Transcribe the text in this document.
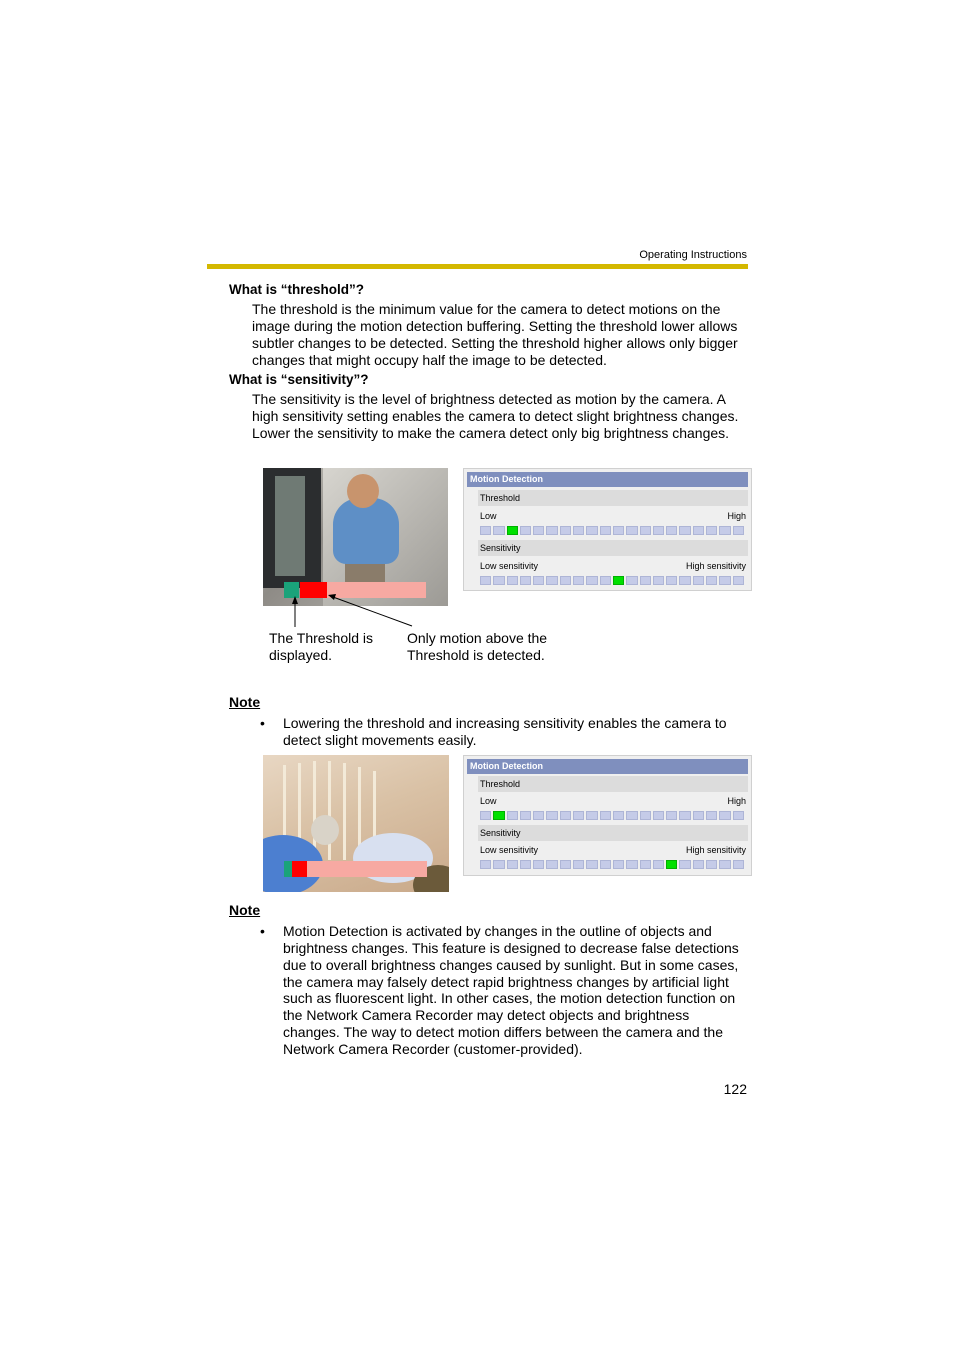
Operating Instructions
What is “threshold”?

The threshold is the minimum value for the camera to detect motions on the

image during the motion detection buffering. Setting the threshold lower allows

subtler changes to be detected. Setting the threshold higher allows only bigger

changes that might occupy half the image to be detected.

What is “sensitivity”?

The sensitivity is the level of brightness detected as motion by the camera. A

high sensitivity setting enables the camera to detect slight brightness changes.

Lower the sensitivity to make the camera detect only big brightness changes.

Motion Detection
Threshold
Low	High
Sensitivity
Low sensitivity	High sensitivity

The Threshold is

displayed.

Only motion above the

Threshold is detected.

Note
• Lowering the threshold and increasing sensitivity enables the camera to

detect slight movements easily.

Motion Detection
Threshold
Low	High
Sensitivity
Low sensitivity	High sensitivity
Note
• Motion Detection is activated by changes in the outline of objects and

brightness changes. This feature is designed to decrease false detections

due to overall brightness changes caused by sunlight. But in some cases,

the camera may falsely detect rapid brightness changes by artificial light

such as fluorescent light. In other cases, the motion detection function on

the Network Camera Recorder may detect objects and brightness

changes. The way to detect motion differs between the camera and the

Network Camera Recorder (customer-provided).

122
